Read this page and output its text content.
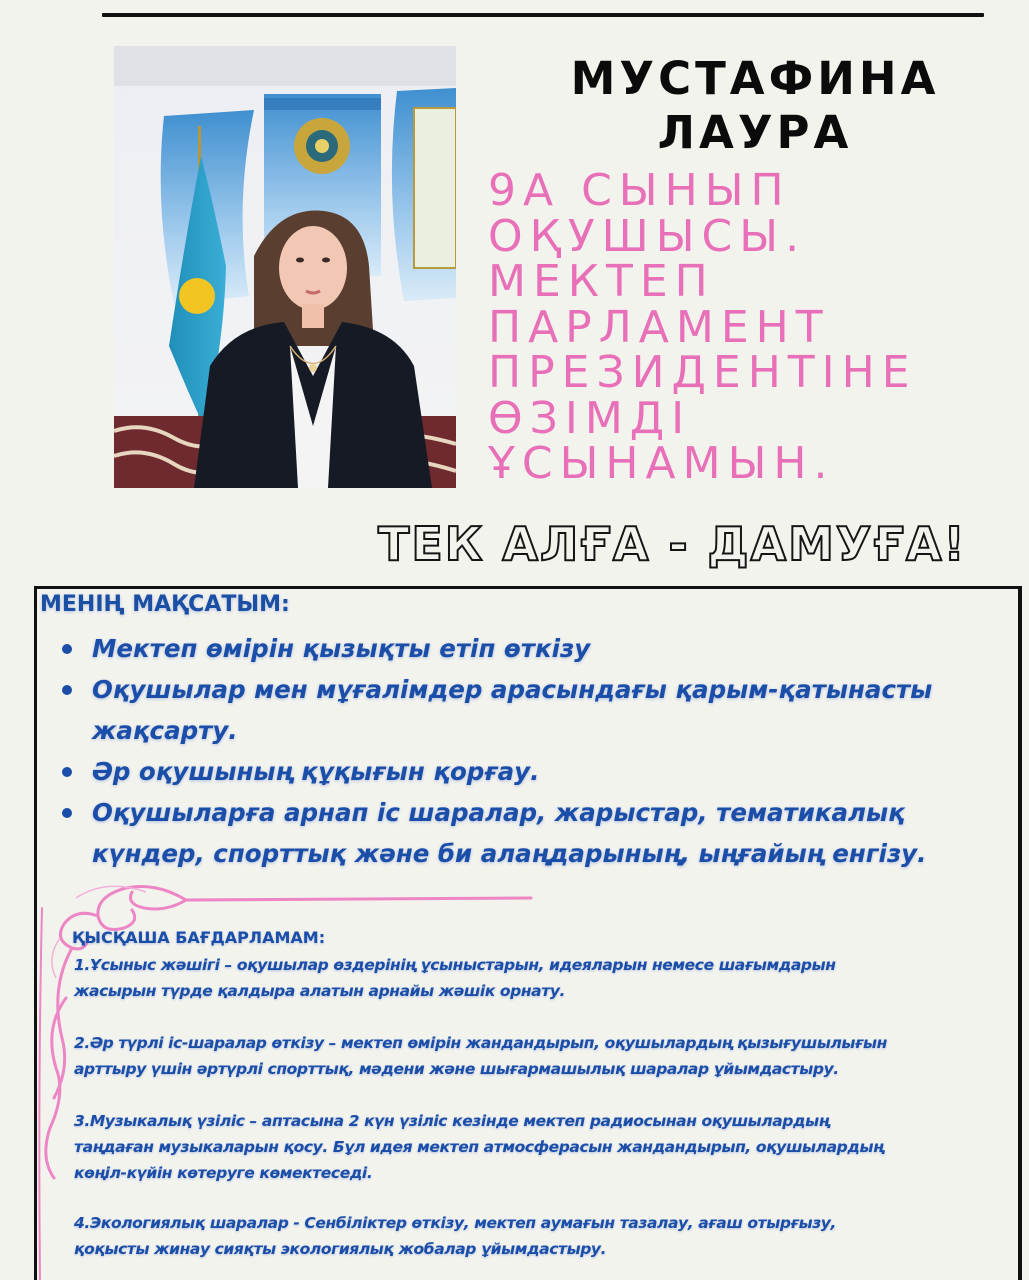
МУСТАФИНА
ЛАУРА
9А СЫНЫП
ОҚУШЫСЫ.
МЕКТЕП
ПАРЛАМЕНТ
ПРЕЗИДЕНТІНЕ
ӨЗІМДІ
ҰСЫНАМЫН.
ТЕК АЛҒА - ДАМУҒА!
МЕНІҢ МАҚСАТЫМ:
Мектеп өмірін қызықты етіп өткізу
Оқушылар мен мұғалімдер арасындағы қарым-қатынасты жақсарту.
Әр оқушының құқығын қорғау.
Оқушыларға арнап іс шаралар, жарыстар, тематикалық күндер, спорттық және би алаңдарының, ыңғайың енгізу.
ҚЫСҚАША БАҒДАРЛАМАМ:
1.Ұсыныс жәшігі – оқушылар өздерінің ұсыныстарын, идеяларын немесе шағымдарын
жасырын түрде қалдыра алатын арнайы жәшік орнату.
2.Әр түрлі іс-шаралар өткізу – мектеп өмірін жандандырып, оқушылардың қызығушылығын
арттыру үшін әртүрлі спорттық, мәдени және шығармашылық шаралар ұйымдастыру.
3.Музыкалық үзіліс – аптасына 2 күн үзіліс кезінде мектеп радиосынан оқушылардың
таңдаған музыкаларын қосу. Бұл идея мектеп атмосферасын жандандырып, оқушылардың
көңіл-күйін көтеруге көмектеседі.
4.Экологиялық шаралар - Сенбіліктер өткізу, мектеп аумағын тазалау, ағаш отырғызу,
қоқысты жинау сияқты экологиялық жобалар ұйымдастыру.
